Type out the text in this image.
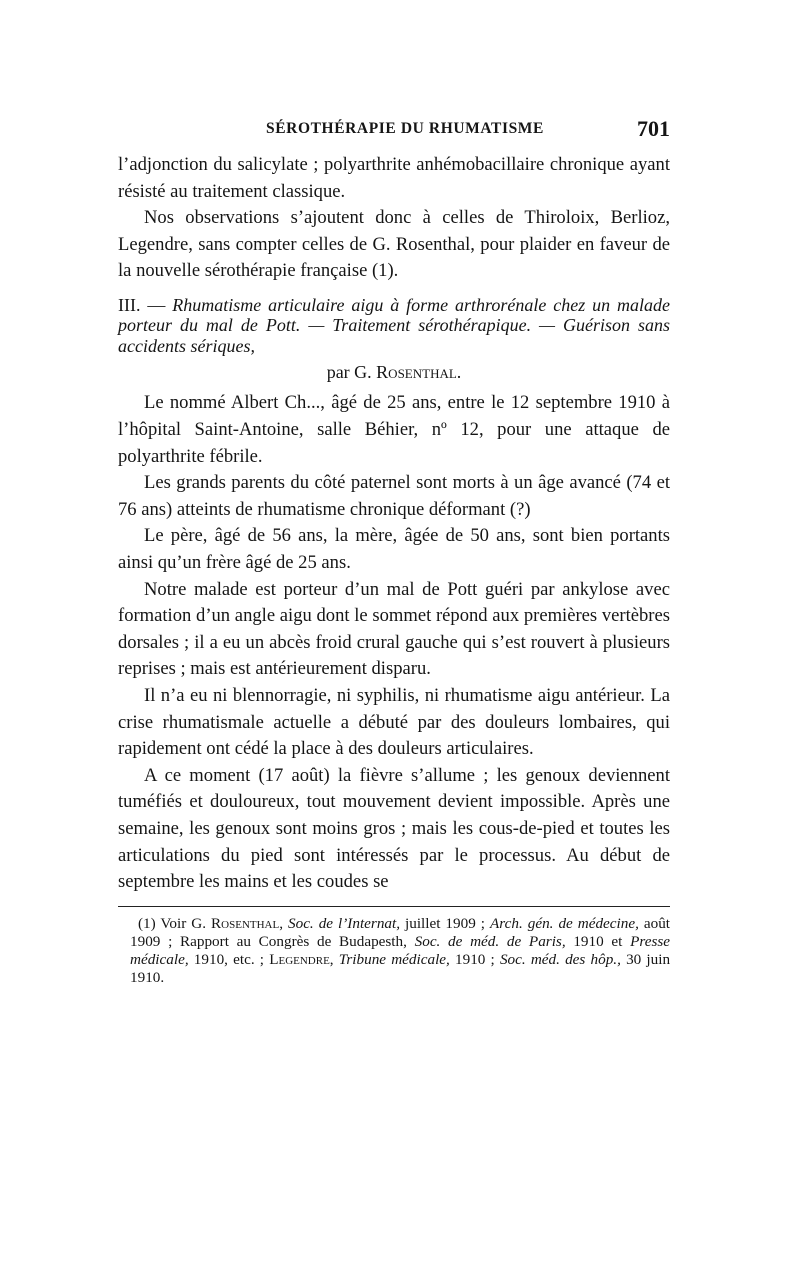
SÉROTHÉRAPIE DU RHUMATISME	701

l’adjonction du salicylate ; polyarthrite anhémobacillaire chronique ayant résisté au traitement classique.

Nos observations s’ajoutent donc à celles de Thiroloix, Berlioz, Legendre, sans compter celles de G. Rosenthal, pour plaider en faveur de la nouvelle sérothérapie française (1).

III. — Rhumatisme articulaire aigu à forme arthrorénale chez un malade porteur du mal de Pott. — Traitement sérothérapique. — Guérison sans accidents sériques,

par G. Rosenthal.

Le nommé Albert Ch..., âgé de 25 ans, entre le 12 septembre 1910 à l’hôpital Saint-Antoine, salle Béhier, nº 12, pour une attaque de polyarthrite fébrile.

Les grands parents du côté paternel sont morts à un âge avancé (74 et 76 ans) atteints de rhumatisme chronique déformant (?)

Le père, âgé de 56 ans, la mère, âgée de 50 ans, sont bien portants ainsi qu’un frère âgé de 25 ans.

Notre malade est porteur d’un mal de Pott guéri par ankylose avec formation d’un angle aigu dont le sommet répond aux premières vertèbres dorsales ; il a eu un abcès froid crural gauche qui s’est rouvert à plusieurs reprises ; mais est antérieurement disparu.

Il n’a eu ni blennorragie, ni syphilis, ni rhumatisme aigu antérieur. La crise rhumatismale actuelle a débuté par des douleurs lombaires, qui rapidement ont cédé la place à des douleurs articulaires.

A ce moment (17 août) la fièvre s’allume ; les genoux deviennent tuméfiés et douloureux, tout mouvement devient impossible. Après une semaine, les genoux sont moins gros ; mais les cous-de-pied et toutes les articulations du pied sont intéressés par le processus. Au début de septembre les mains et les coudes se

(1) Voir G. Rosenthal, Soc. de l’Internat, juillet 1909 ; Arch. gén. de médecine, août 1909 ; Rapport au Congrès de Budapesth, Soc. de méd. de Paris, 1910 et Presse médicale, 1910, etc. ; Legendre, Tribune médicale, 1910 ; Soc. méd. des hôp., 30 juin 1910.
